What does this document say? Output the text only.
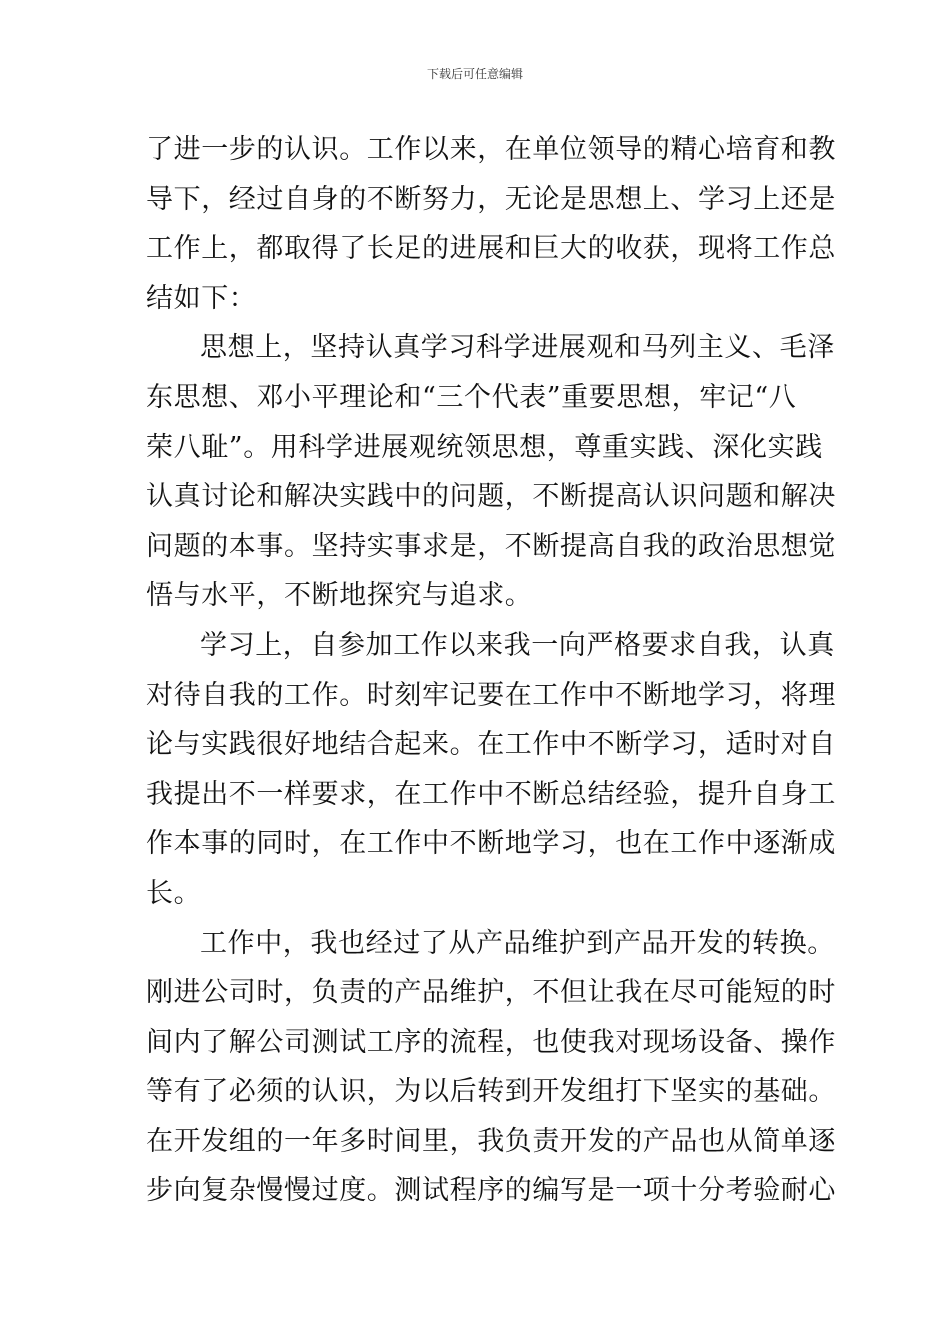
下载后可任意编辑
了进一步的认识。工作以来，在单位领导的精心培育和教
导下，经过自身的不断努力，无论是思想上、学习上还是
工作上，都取得了长足的进展和巨大的收获，现将工作总
结如下：
思想上，坚持认真学习科学进展观和马列主义、毛泽
东思想、邓小平理论和“三个代表”重要思想，牢记“八
荣八耻”。用科学进展观统领思想，尊重实践、深化实践
认真讨论和解决实践中的问题，不断提高认识问题和解决
问题的本事。坚持实事求是，不断提高自我的政治思想觉
悟与水平，不断地探究与追求。
学习上，自参加工作以来我一向严格要求自我，认真
对待自我的工作。时刻牢记要在工作中不断地学习，将理
论与实践很好地结合起来。在工作中不断学习，适时对自
我提出不一样要求，在工作中不断总结经验，提升自身工
作本事的同时，在工作中不断地学习，也在工作中逐渐成
长。
工作中，我也经过了从产品维护到产品开发的转换。
刚进公司时，负责的产品维护，不但让我在尽可能短的时
间内了解公司测试工序的流程，也使我对现场设备、操作
等有了必须的认识，为以后转到开发组打下坚实的基础。
在开发组的一年多时间里，我负责开发的产品也从简单逐
步向复杂慢慢过度。测试程序的编写是一项十分考验耐心
